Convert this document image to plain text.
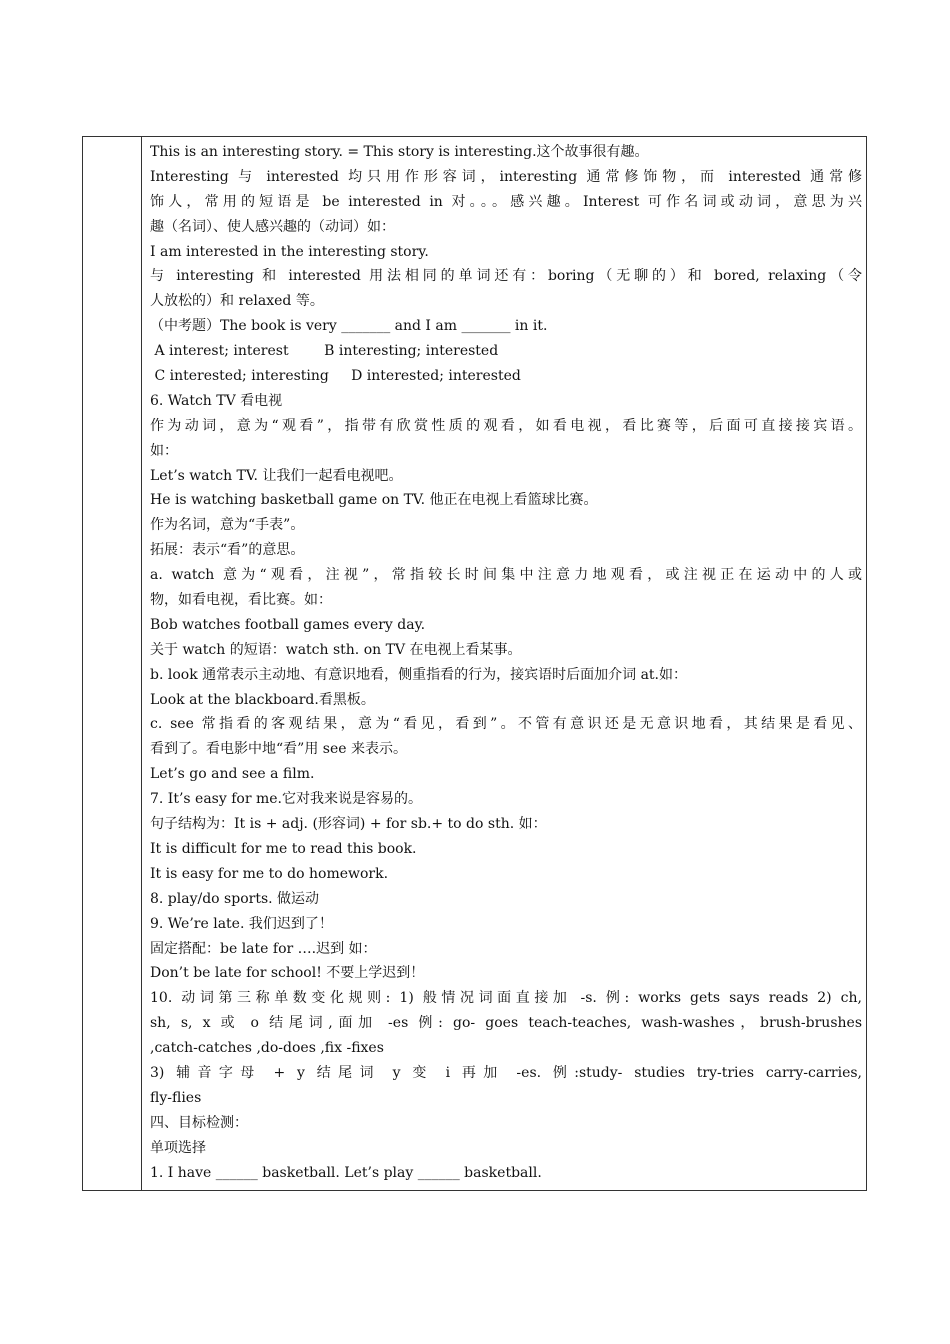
This is an interesting story. = This story is interesting.这个故事很有趣。
Interesting 与 interested 均只用作形容词，interesting 通常修饰物，而 interested 通常修
饰人，常用的短语是 be interested in 对。。。感兴趣。Interest 可作名词或动词，意思为兴
趣（名词）、使人感兴趣的（动词）如：
I am interested in the interesting story.
与 interesting 和 interested 用法相同的单词还有：boring（无聊的）和 bored, relaxing（令
人放松的）和 relaxed 等。
（中考题）The book is very _______ and I am _______ in it.
A interest; interest        B interesting; interested
C interested; interesting     D interested; interested
6. Watch TV 看电视
作为动词，意为“观看”，指带有欣赏性质的观看，如看电视，看比赛等，后面可直接接宾语。
如：
Let’s watch TV. 让我们一起看电视吧。
He is watching basketball game on TV. 他正在电视上看篮球比赛。
作为名词，意为“手表”。
拓展：表示“看”的意思。
a. watch 意为“观看，注视”，常指较长时间集中注意力地观看，或注视正在运动中的人或
物，如看电视，看比赛。如：
Bob watches football games every day.
关于 watch 的短语：watch sth. on TV 在电视上看某事。
b. look 通常表示主动地、有意识地看，侧重指看的行为，接宾语时后面加介词 at.如：
Look at the blackboard.看黑板。
c. see 常指看的客观结果，意为“看见，看到”。不管有意识还是无意识地看，其结果是看见、
看到了。看电影中地“看”用 see 来表示。
Let’s go and see a film.
7. It’s easy for me.它对我来说是容易的。
句子结构为：It is + adj. (形容词) + for sb.+ to do sth. 如：
It is difficult for me to read this book.
It is easy for me to do homework.
8. play/do sports. 做运动
9. We’re late. 我们迟到了！
固定搭配：be late for ….迟到 如：
Don’t be late for school! 不要上学迟到！
10. 动词第三称单数变化规则: 1) 般情况词面直接加 -s. 例: works gets says reads 2) ch,
sh, s, x 或 o 结尾词,面加 -es 例: go- goes teach-teaches, wash-washes，brush-brushes
,catch-catches ,do-does ,fix -fixes
3) 辅音字母 + y 结尾词 y 变 i 再加 -es. 例:study- studies try-tries carry-carries,
fly-flies
四、目标检测：
单项选择
1. I have ______ basketball. Let’s play ______ basketball.
